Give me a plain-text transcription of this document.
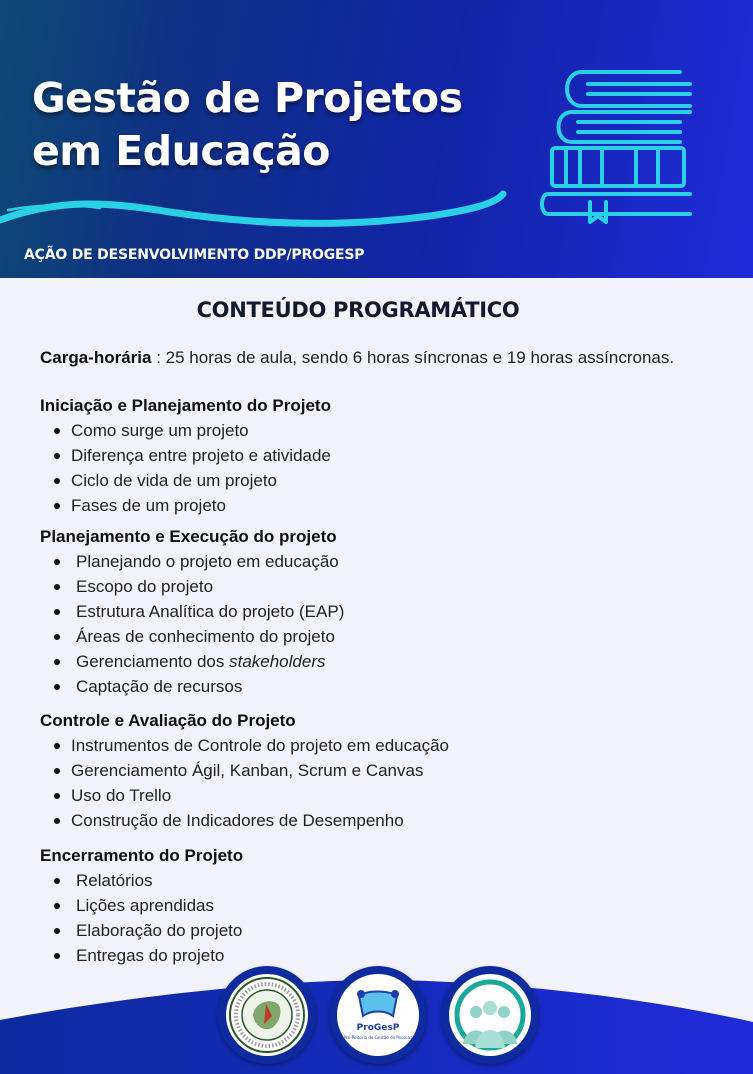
Gestão de Projetos
em Educação
AÇÃO DE DESENVOLVIMENTO DDP/PROGESP
CONTEÚDO PROGRAMÁTICO

Carga-horária : 25 horas de aula, sendo 6 horas síncronas e 19 horas assíncronas.

Iniciação e Planejamento do Projeto

Como surge um projeto
Diferença entre projeto e atividade
Ciclo de vida de um projeto
Fases de um projeto

Planejamento e Execução do projeto

Planejando o projeto em educação
Escopo do projeto
Estrutura Analítica do projeto (EAP)
Áreas de conhecimento do projeto
Gerenciamento dos stakeholders
Captação de recursos

Controle e Avaliação do Projeto

Instrumentos de Controle do projeto em educação
Gerenciamento Ágil, Kanban, Scrum e Canvas
Uso do Trello
Construção de Indicadores de Desempenho

Encerramento do Projeto

Relatórios
Lições aprendidas
Elaboração do projeto
Entregas do projeto
ProGesP
Pró-Reitoria de Gestão de Pessoas
